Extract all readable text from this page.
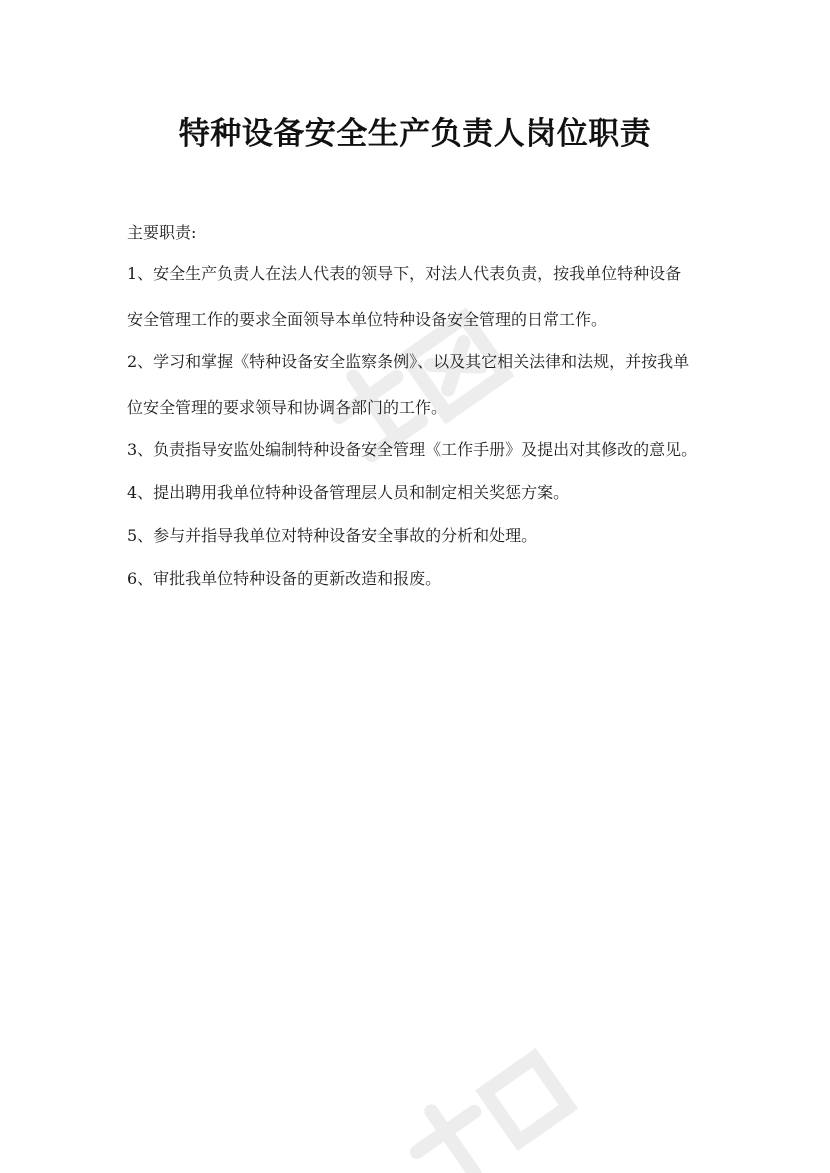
特种设备安全生产负责人岗位职责
主要职责:
1、安全生产负责人在法人代表的领导下，对法人代表负责，按我单位特种设备
安全管理工作的要求全面领导本单位特种设备安全管理的日常工作。
2、学习和掌握《特种设备安全监察条例》、以及其它相关法律和法规，并按我单
位安全管理的要求领导和协调各部门的工作。
3、负责指导安监处编制特种设备安全管理《工作手册》及提出对其修改的意见。
4、提出聘用我单位特种设备管理层人员和制定相关奖惩方案。
5、参与并指导我单位对特种设备安全事故的分析和处理。
6、审批我单位特种设备的更新改造和报废。
